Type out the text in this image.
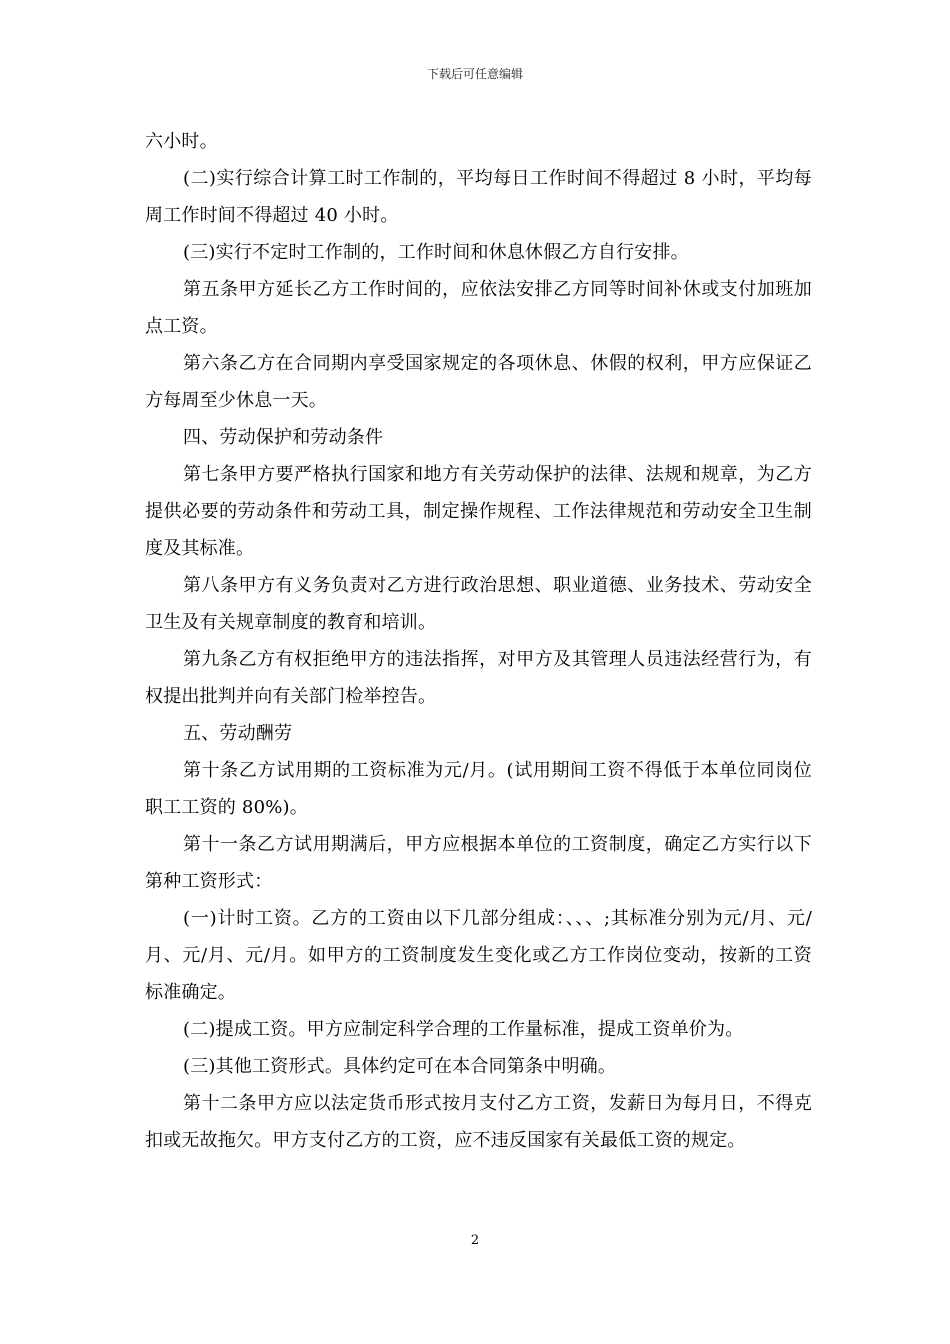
下载后可任意编辑

六小时。

(二)实行综合计算工时工作制的，平均每日工作时间不得超过 8 小时，平均每周工作时间不得超过 40 小时。

(三)实行不定时工作制的，工作时间和休息休假乙方自行安排。

第五条甲方延长乙方工作时间的，应依法安排乙方同等时间补休或支付加班加点工资。

第六条乙方在合同期内享受国家规定的各项休息、休假的权利，甲方应保证乙方每周至少休息一天。

四、劳动保护和劳动条件

第七条甲方要严格执行国家和地方有关劳动保护的法律、法规和规章，为乙方提供必要的劳动条件和劳动工具，制定操作规程、工作法律规范和劳动安全卫生制度及其标准。

第八条甲方有义务负责对乙方进行政治思想、职业道德、业务技术、劳动安全卫生及有关规章制度的教育和培训。

第九条乙方有权拒绝甲方的违法指挥，对甲方及其管理人员违法经营行为，有权提出批判并向有关部门检举控告。

五、劳动酬劳

第十条乙方试用期的工资标准为元/月。(试用期间工资不得低于本单位同岗位职工工资的 80%)。

第十一条乙方试用期满后，甲方应根据本单位的工资制度，确定乙方实行以下第种工资形式：

(一)计时工资。乙方的工资由以下几部分组成：、、、;其标准分别为元/月、元/月、元/月、元/月。如甲方的工资制度发生变化或乙方工作岗位变动，按新的工资标准确定。

(二)提成工资。甲方应制定科学合理的工作量标准，提成工资单价为。

(三)其他工资形式。具体约定可在本合同第条中明确。

第十二条甲方应以法定货币形式按月支付乙方工资，发薪日为每月日，不得克扣或无故拖欠。甲方支付乙方的工资，应不违反国家有关最低工资的规定。

2
